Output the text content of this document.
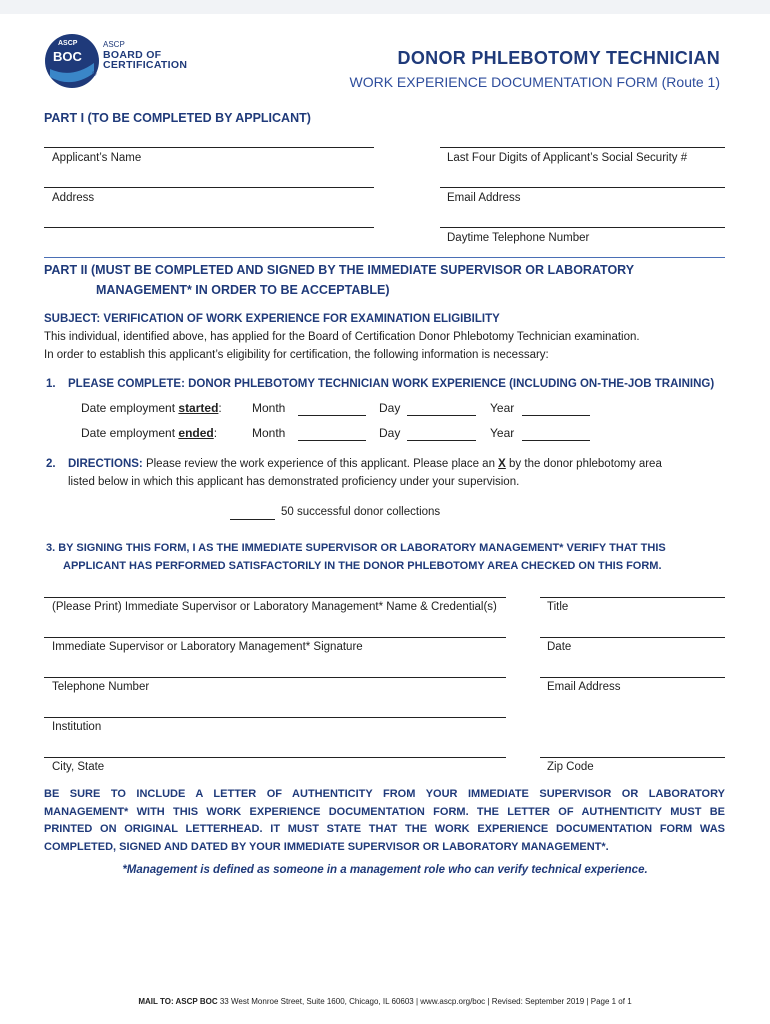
ASCP
BOC
ASCP
BOARD OF
CERTIFICATION
®
DONOR PHLEBOTOMY TECHNICIAN
WORK EXPERIENCE DOCUMENTATION FORM (Route 1)
PART I (TO BE COMPLETED BY APPLICANT)
Applicant’s Name	Last Four Digits of Applicant’s Social Security #
Address	Email Address
Daytime Telephone Number
PART II (MUST BE COMPLETED AND SIGNED BY THE IMMEDIATE SUPERVISOR OR LABORATORY
MANAGEMENT* IN ORDER TO BE ACCEPTABLE)
SUBJECT: VERIFICATION OF WORK EXPERIENCE FOR EXAMINATION ELIGIBILITY
This individual, identified above, has applied for the Board of Certification Donor Phlebotomy Technician examination.
In order to establish this applicant’s eligibility for certification, the following information is necessary:
1. PLEASE COMPLETE: DONOR PHLEBOTOMY TECHNICIAN WORK EXPERIENCE (INCLUDING ON-THE-JOB TRAINING)
Date employment started:	Month	Day	Year
Date employment ended:	Month	Day	Year
2. DIRECTIONS: Please review the work experience of this applicant. Please place an X by the donor phlebotomy area
listed below in which this applicant has demonstrated proficiency under your supervision.
50 successful donor collections
3. BY SIGNING THIS FORM, I AS THE IMMEDIATE SUPERVISOR OR LABORATORY MANAGEMENT* VERIFY THAT THIS
APPLICANT HAS PERFORMED SATISFACTORILY IN THE DONOR PHLEBOTOMY AREA CHECKED ON THIS FORM.
(Please Print) Immediate Supervisor or Laboratory Management* Name & Credential(s)	Title
Immediate Supervisor or Laboratory Management* Signature	Date
Telephone Number	Email Address
Institution
City, State	Zip Code
BE SURE TO INCLUDE A LETTER OF AUTHENTICITY FROM YOUR IMMEDIATE SUPERVISOR OR LABORATORY
MANAGEMENT* WITH THIS WORK EXPERIENCE DOCUMENTATION FORM. THE LETTER OF AUTHENTICITY MUST BE
PRINTED ON ORIGINAL LETTERHEAD. IT MUST STATE THAT THE WORK EXPERIENCE DOCUMENTATION FORM WAS
COMPLETED, SIGNED AND DATED BY YOUR IMMEDIATE SUPERVISOR OR LABORATORY MANAGEMENT*.
*Management is defined as someone in a management role who can verify technical experience.
MAIL TO: ASCP BOC 33 West Monroe Street, Suite 1600, Chicago, IL 60603 | www.ascp.org/boc | Revised: September 2019 | Page 1 of 1
